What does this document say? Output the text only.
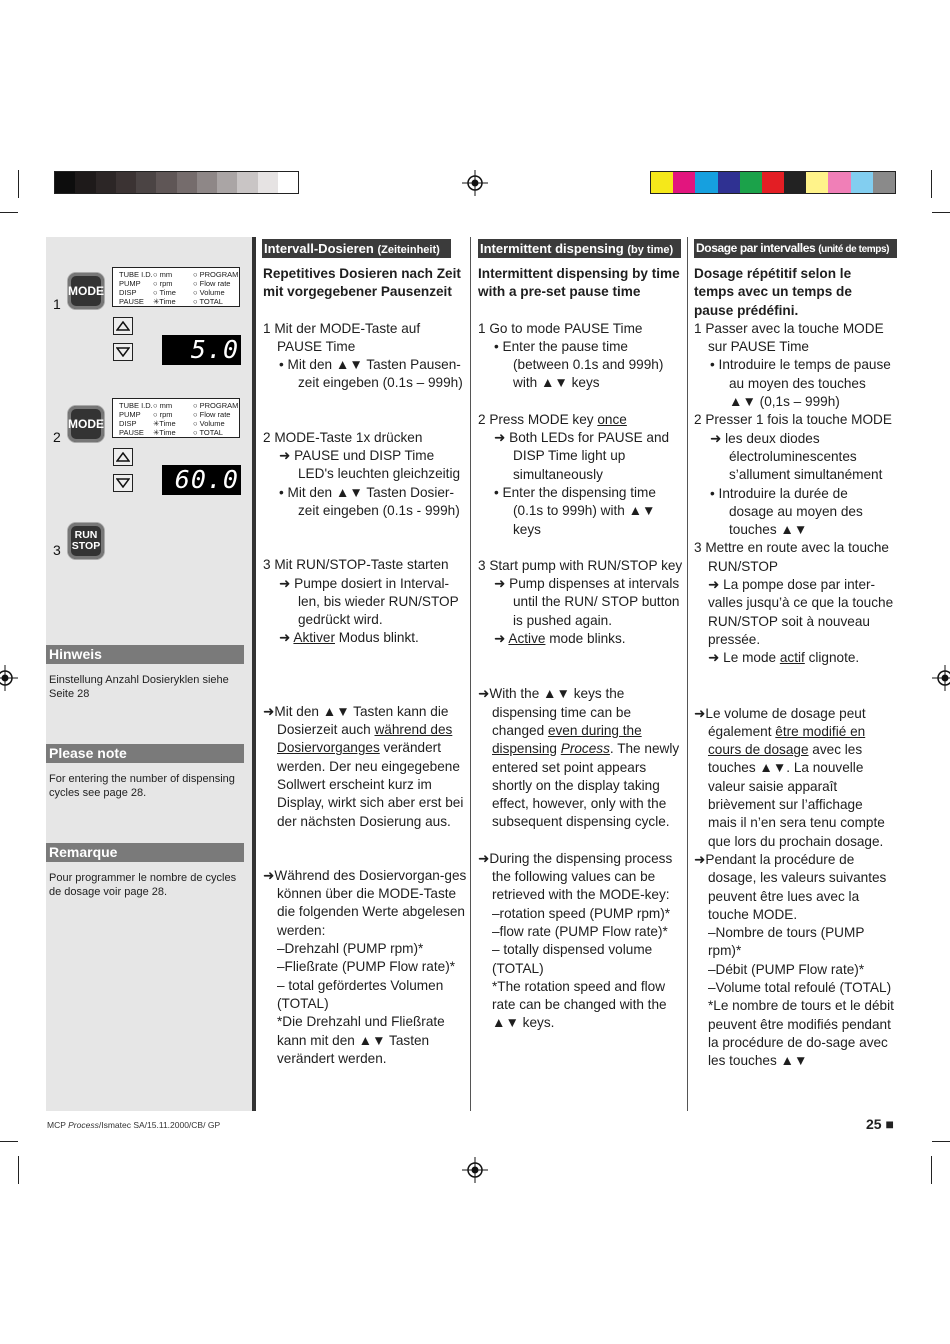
1
MODE
TUBE I.D.
PUMP
DISP
PAUSE
○ mm
○ rpm
○ Time
✳Time
○ PROGRAM
○ Flow rate
○ Volume
○ TOTAL
5.0
2
MODE
TUBE I.D.
PUMP
DISP
PAUSE
○ mm
○ rpm
✳Time
✳Time
○ PROGRAM
○ Flow rate
○ Volume
○ TOTAL
60.0
3
RUN
STOP
Hinweis
Einstellung Anzahl Dosieryklen siehe Seite 28
Please note
For entering the number of dispensing cycles see page 28.
Remarque
Pour programmer le nombre de cycles de dosage voir page 28.
Intervall-Dosieren (Zeiteinheit)

Repetitives Dosieren nach Zeit mit vorgegebener Pausenzeit

1 Mit der MODE-Taste auf PAUSE Time

• Mit den ▲▼ Tasten Pausen-zeit eingeben (0.1s – 999h)

2 MODE-Taste 1x drücken

➜ PAUSE und DISP Time LED's leuchten gleichzeitig

• Mit den ▲▼ Tasten Dosier-zeit eingeben (0.1s - 999h)

3 Mit RUN/STOP-Taste starten

➜ Pumpe dosiert in Interval-len, bis wieder RUN/STOP gedrückt wird.

➜ Aktiver Modus blinkt.

➜Mit den ▲▼ Tasten kann die Dosierzeit auch während des Dosiervorganges verändert werden. Der neu eingegebene Sollwert erscheint kurz im Display, wirkt sich aber erst bei der nächsten Dosierung aus.

➜Während des Dosiervorgan-ges können über die MODE-Taste die folgenden Werte abgelesen werden:

–Drehzahl (PUMP rpm)*

–Fließrate (PUMP Flow rate)*

– total gefördertes Volumen (TOTAL)

*Die Drehzahl und Fließrate kann mit den ▲▼ Tasten verändert werden.

Intermittent dispensing (by time)

Intermittent dispensing by time with a pre-set pause time

1 Go to mode PAUSE Time

• Enter the pause time (between 0.1s and 999h) with ▲▼ keys

2 Press MODE key once

➜ Both LEDs for PAUSE and DISP Time light up simultaneously

• Enter the dispensing time (0.1s to 999h) with ▲▼ keys

3 Start pump with RUN/STOP key

➜ Pump dispenses at intervals until the RUN/ STOP button is pushed again.

➜ Active mode blinks.

➜With the ▲▼ keys the dispensing time can be changed even during the dispensing Process. The newly entered set point appears shortly on the display taking effect, however, only with the subsequent dispensing cycle.

➜During the dispensing process the following values can be retrieved with the MODE-key:

–rotation speed (PUMP rpm)*

–flow rate (PUMP Flow rate)*

– totally dispensed volume (TOTAL)

*The rotation speed and flow rate can be changed with the ▲▼ keys.

Dosage par intervalles (unité de temps)

Dosage répétitif selon le temps avec un temps de pause prédéfini.

1 Passer avec la touche MODE sur PAUSE Time

• Introduire le temps de pause au moyen des touches ▲▼ (0,1s – 999h)

2 Presser 1 fois la touche MODE

➜ les deux diodes électroluminescentes s’allument simultanément

• Introduire la durée de dosage au moyen des touches ▲▼

3 Mettre en route avec la touche RUN/STOP

➜ La pompe dose par inter-valles jusqu’à ce que la touche RUN/STOP soit à nouveau pressée.

➜ Le mode actif clignote.

➜Le volume de dosage peut également être modifié en cours de dosage avec les touches ▲▼. La nouvelle valeur saisie apparaît brièvement sur l’affichage mais il n’en sera tenu compte que lors du prochain dosage.

➜Pendant la procédure de dosage, les valeurs suivantes peuvent être lues avec la touche MODE.

–Nombre de tours (PUMP rpm)*

–Débit (PUMP Flow rate)*

–Volume total refoulé (TOTAL)

*Le nombre de tours et le débit peuvent être modifiés pendant la procédure de do-sage avec les touches ▲▼

MCP Process/Ismatec SA/15.11.2000/CB/ GP	25 ■
